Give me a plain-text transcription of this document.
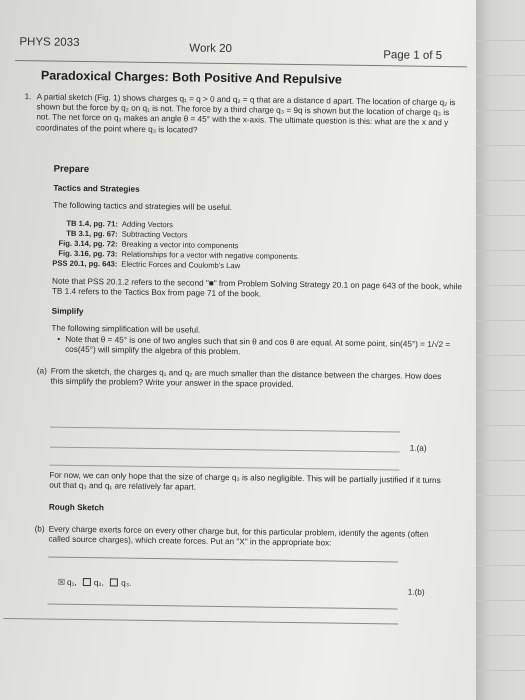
PHYS 2033	Work 20
Page 1 of 5
Paradoxical Charges: Both Positive And Repulsive
1. A partial sketch (Fig. 1) shows charges q₁ = q > 0 and q₂ = q that are a distance d apart. The location of charge q₂ is shown but the force by q₂ on q₁ is not. The force by a third charge q₃ = 9q is shown but the location of charge q₃ is not. The net force on q₁ makes an angle θ = 45° with the x-axis. The ultimate question is this: what are the x and y coordinates of the point where q₃ is located?
Prepare
Tactics and Strategies
The following tactics and strategies will be useful.
TB 1.4, pg. 71:	Adding Vectors
TB 3.1, pg. 67:	Subtracting Vectors
Fig. 3.14, pg. 72:	Breaking a vector into components
Fig. 3.16, pg. 73:	Relationships for a vector with negative components.
PSS 20.1, pg. 643:	Electric Forces and Coulomb's Law
Note that PSS 20.1.2 refers to the second "■" from Problem Solving Strategy 20.1 on page 643 of the book, while TB 1.4 refers to the Tactics Box from page 71 of the book.
Simplify
The following simplification will be useful.
• Note that θ = 45° is one of two angles such that sin θ and cos θ are equal. At some point, sin(45°) = 1/√2 = cos(45°) will simplify the algebra of this problem.
(a) From the sketch, the charges q₁ and q₂ are much smaller than the distance between the charges. How does this simplify the problem? Write your answer in the space provided.
1.(a)
For now, we can only hope that the size of charge q₃ is also negligible. This will be partially justified if it turns out that q₃ and q₁ are relatively far apart.
Rough Sketch
(b) Every charge exerts force on every other charge but, for this particular problem, identify the agents (often called source charges), which create forces. Put an "X" in the appropriate box:
☒ q₁, q₂, q₃.
1.(b)
